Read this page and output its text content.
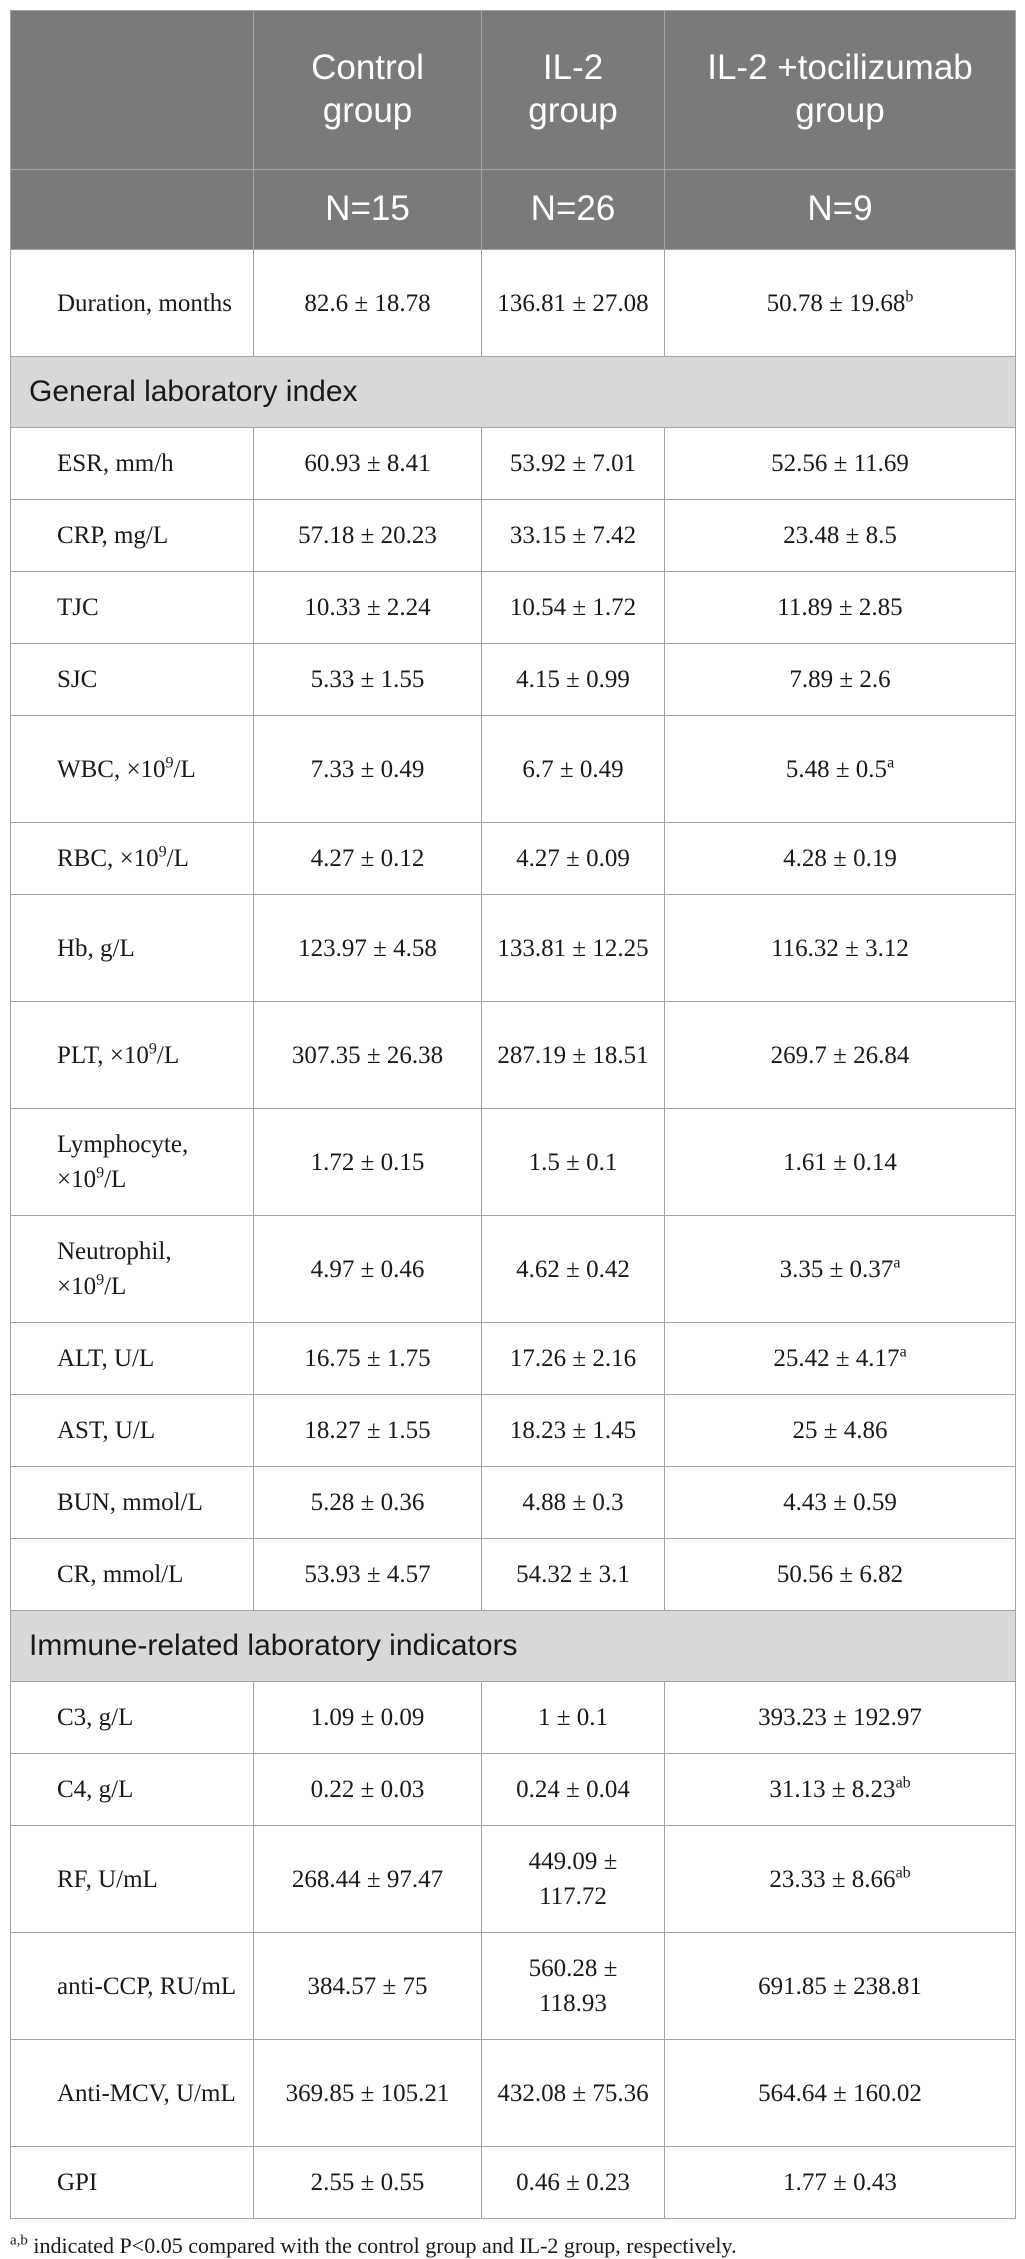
	Control group	IL-2 group	IL-2 +tocilizumab group
	N=15	N=26	N=9
Duration, months	82.6 ± 18.78	136.81 ± 27.08	50.78 ± 19.68$^b$
General laboratory index			
ESR, mm/h	60.93 ± 8.41	53.92 ± 7.01	52.56 ± 11.69
CRP, mg/L	57.18 ± 20.23	33.15 ± 7.42	23.48 ± 8.5
TJC	10.33 ± 2.24	10.54 ± 1.72	11.89 ± 2.85
SJC	5.33 ± 1.55	4.15 ± 0.99	7.89 ± 2.6
WBC, $\times 10^9/L$	7.33 ± 0.49	6.7 ± 0.49	5.48 ± 0.5$^a$
RBC, $\times 10^9/L$	4.27 ± 0.12	4.27 ± 0.09	4.28 ± 0.19
Hb, g/L	123.97 ± 4.58	133.81 ± 12.25	116.32 ± 3.12
PLT, $\times 10^9/L$	307.35 ± 26.38	287.19 ± 18.51	269.7 ± 26.84
Lymphocyte, $\times 10^9/L$	1.72 ± 0.15	1.5 ± 0.1	1.61 ± 0.14
Neutrophil, $\times 10^9/L$	4.97 ± 0.46	4.62 ± 0.42	3.35 ± 0.37$^a$
ALT, U/L	16.75 ± 1.75	17.26 ± 2.16	25.42 ± 4.17$^a$
AST, U/L	18.27 ± 1.55	18.23 ± 1.45	25 ± 4.86
BUN, mmol/L	5.28 ± 0.36	4.88 ± 0.3	4.43 ± 0.59
CR, mmol/L	53.93 ± 4.57	54.32 ± 3.1	50.56 ± 6.82
Immune-related laboratory indicators			
C3, g/L	1.09 ± 0.09	1 ± 0.1	393.23 ± 192.97
C4, g/L	0.22 ± 0.03	0.24 ± 0.04	31.13 ± 8.23$^{ab}$
RF, U/mL	268.44 ± 97.47	449.09 ± 117.72	23.33 ± 8.66$^{ab}$
anti-CCP, RU/mL	384.57 ± 75	560.28 ± 118.93	691.85 ± 238.81
Anti-MCV, U/mL	369.85 ± 105.21	432.08 ± 75.36	564.64 ± 160.02
GPI	2.55 ± 0.55	0.46 ± 0.23	1.77 ± 0.43
$^{a,b}$ indicated P<0.05 compared with the control group and IL-2 group, respectively.
